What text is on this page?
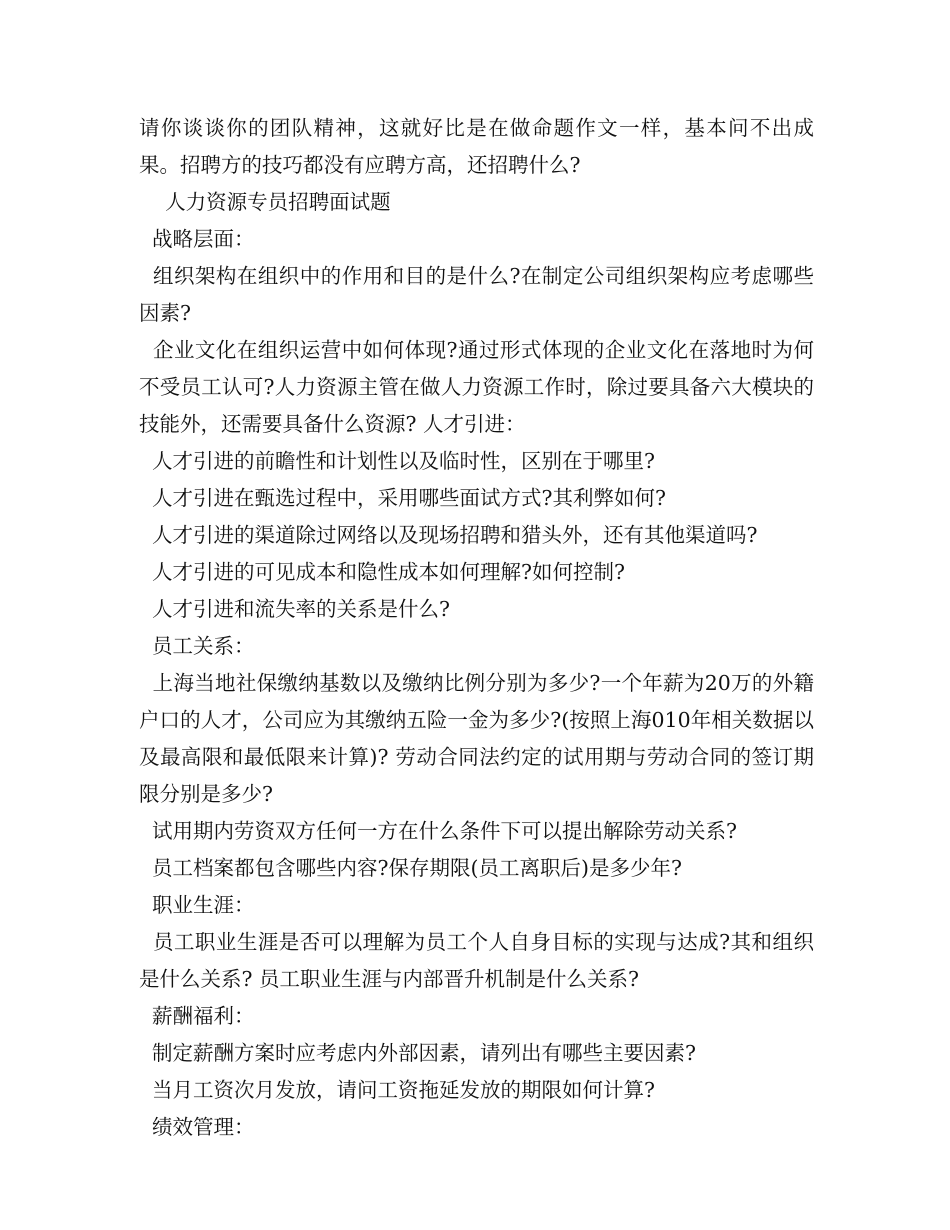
请你谈谈你的团队精神，这就好比是在做命题作文一样，基本问不出成果。招聘方的技巧都没有应聘方高，还招聘什么?

人力资源专员招聘面试题

战略层面：

组织架构在组织中的作用和目的是什么?在制定公司组织架构应考虑哪些因素?

企业文化在组织运营中如何体现?通过形式体现的企业文化在落地时为何不受员工认可?人力资源主管在做人力资源工作时，除过要具备六大模块的技能外，还需要具备什么资源? 人才引进：

人才引进的前瞻性和计划性以及临时性，区别在于哪里?

人才引进在甄选过程中，采用哪些面试方式?其利弊如何?

人才引进的渠道除过网络以及现场招聘和猎头外，还有其他渠道吗?

人才引进的可见成本和隐性成本如何理解?如何控制?

人才引进和流失率的关系是什么?

员工关系：

上海当地社保缴纳基数以及缴纳比例分别为多少?一个年薪为20万的外籍户口的人才，公司应为其缴纳五险一金为多少?(按照上海010年相关数据以及最高限和最低限来计算)? 劳动合同法约定的试用期与劳动合同的签订期限分别是多少?

试用期内劳资双方任何一方在什么条件下可以提出解除劳动关系?

员工档案都包含哪些内容?保存期限(员工离职后)是多少年?

职业生涯：

员工职业生涯是否可以理解为员工个人自身目标的实现与达成?其和组织是什么关系? 员工职业生涯与内部晋升机制是什么关系?

薪酬福利：

制定薪酬方案时应考虑内外部因素，请列出有哪些主要因素?

当月工资次月发放，请问工资拖延发放的期限如何计算?

绩效管理：
